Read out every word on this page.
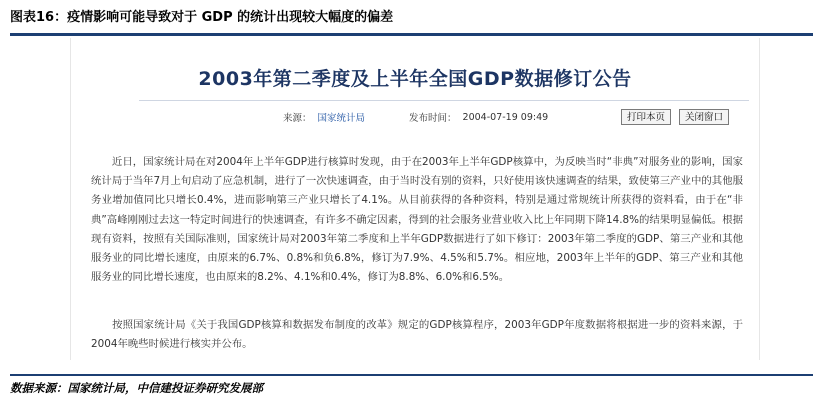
图表16：疫情影响可能导致对于 GDP 的统计出现较大幅度的偏差
2003年第二季度及上半年全国GDP数据修订公告
来源： 国家统计局	发布时间： 2004-07-19 09:49	打印本页	关闭窗口

　　近日，国家统计局在对2004年上半年GDP进行核算时发现，由于在2003年上半年GDP核算中，为反映当时“非典”对服务业的影响，国家统计局于当年7月上旬启动了应急机制，进行了一次快速调查，由于当时没有别的资料，只好使用该快速调查的结果，致使第三产业中的其他服务业增加值同比只增长0.4%，进而影响第三产业只增长了4.1%。从目前获得的各种资料，特别是通过常规统计所获得的资料看，由于在“非典”高峰刚刚过去这一特定时间进行的快速调查，有许多不确定因素，得到的社会服务业营业收入比上年同期下降14.8%的结果明显偏低。根据现有资料，按照有关国际准则，国家统计局对2003年第二季度和上半年GDP数据进行了如下修订：2003年第二季度的GDP、第三产业和其他服务业的同比增长速度，由原来的6.7%、0.8%和负6.8%，修订为7.9%、4.5%和5.7%。相应地，2003年上半年的GDP、第三产业和其他服务业的同比增长速度，也由原来的8.2%、4.1%和0.4%，修订为8.8%、6.0%和6.5%。

　　按照国家统计局《关于我国GDP核算和数据发布制度的改革》规定的GDP核算程序，2003年GDP年度数据将根据进一步的资料来源，于2004年晚些时候进行核实并公布。

数据来源：国家统计局，中信建投证券研究发展部
